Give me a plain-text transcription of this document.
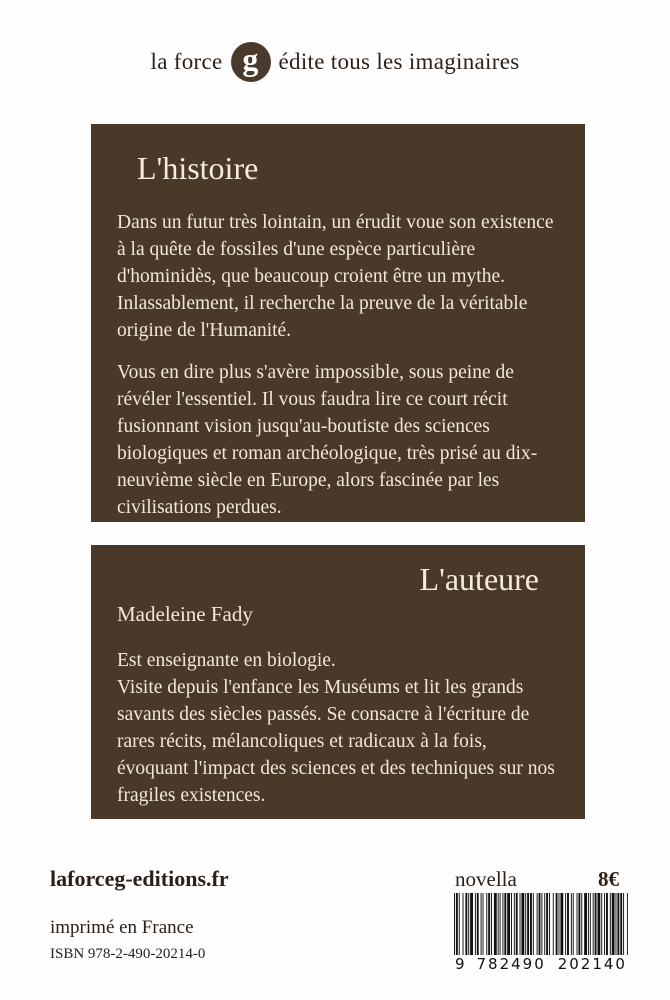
la force g édite tous les imaginaires
L'histoire

Dans un futur très lointain, un érudit voue son existence à la quête de fossiles d'une espèce particulière d'hominidès, que beaucoup croient être un mythe. Inlassablement, il recherche la preuve de la véritable origine de l'Humanité.

Vous en dire plus s'avère impossible, sous peine de révéler l'essentiel. Il vous faudra lire ce court récit fusionnant vision jusqu'au-boutiste des sciences biologiques et roman archéologique, très prisé au dix-neuvième siècle en Europe, alors fascinée par les civilisations perdues.

L'auteure
Madeleine Fady
Est enseignante en biologie.
Visite depuis l'enfance les Muséums et lit les grands savants des siècles passés. Se consacre à l'écriture de rares récits, mélancoliques et radicaux à la fois, évoquant l'impact des sciences et des techniques sur nos fragiles existences.
laforceg-editions.fr
imprimé en France
ISBN 978-2-490-20214-0
novella	8€
9 782490 202140
